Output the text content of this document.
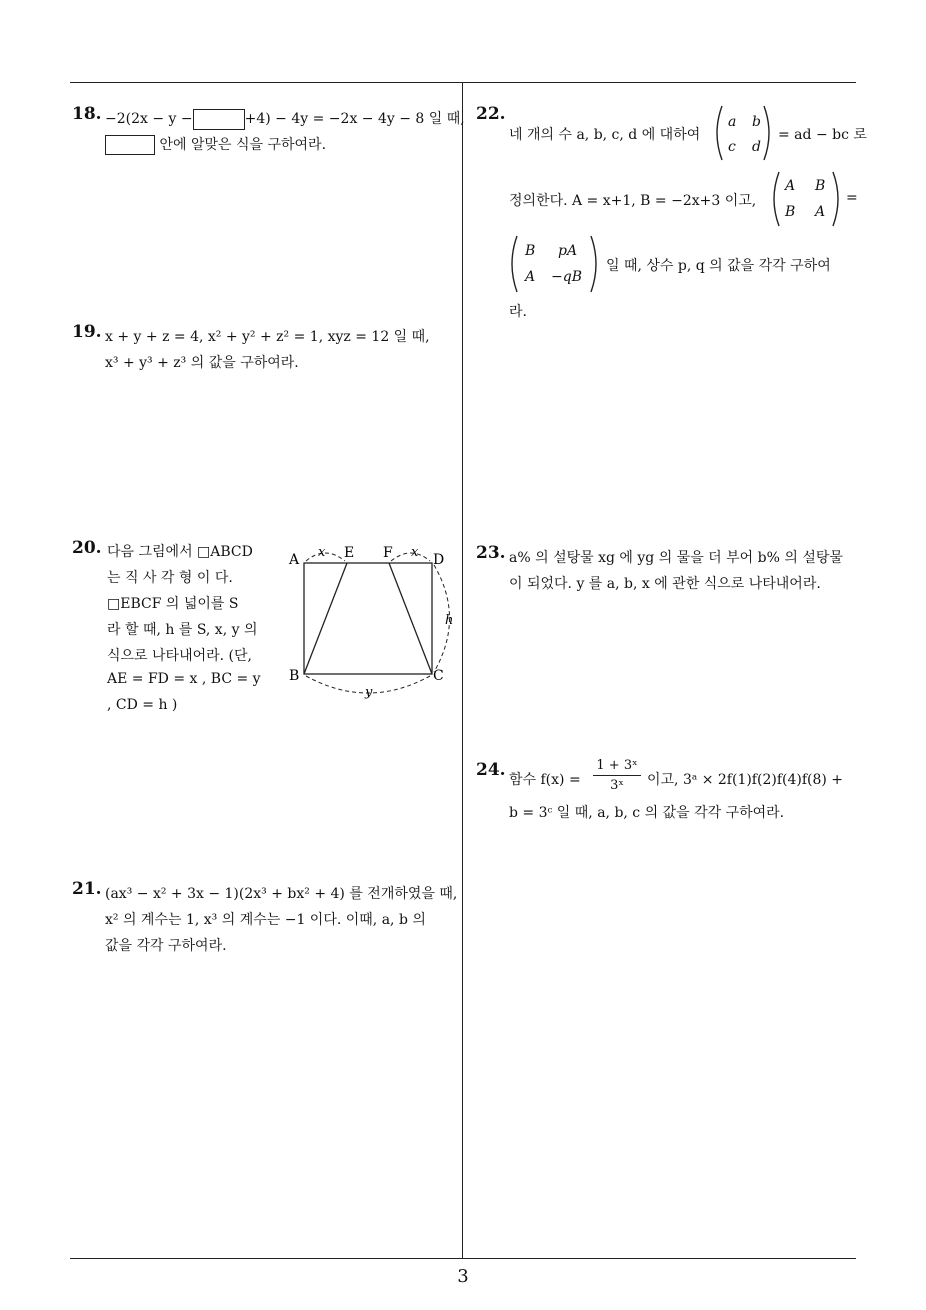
18. −2(2x − y −	+4) − 4y = −2x − 4y − 8 일 때,
안에 알맞은 식을 구하여라.
19. x + y + z = 4, x² + y² + z² = 1, xyz = 12 일 때,
x³ + y³ + z³ 의 값을 구하여라.
20. 다음 그림에서 □ABCD
는 직 사 각 형 이 다.
□EBCF 의 넓이를 S
라 할 때, h 를 S, x, y 의
식으로 나타내어라. (단,
AE = FD = x , BC = y
, CD = h )
A	E F	D
B	C
x	x
h
y
21. (ax³ − x² + 3x − 1)(2x³ + bx² + 4) 를 전개하였을 때,
x² 의 계수는 1, x³ 의 계수는 −1 이다. 이때, a, b 의
값을 각각 구하여라.
22.
네 개의 수 a, b, c, d 에 대하여
a b
c d
= ad − bc 로
정의한다. A = x+1, B = −2x+3 이고,
A B
B A
=
B pA
A −qB
일 때, 상수 p, q 의 값을 각각 구하여
라.
23. a% 의 설탕물 xg 에 yg 의 물을 더 부어 b% 의 설탕물
이 되었다. y 를 a, b, x 에 관한 식으로 나타내어라.
24. 함수 $f(x) = \frac{\text{1 + 3ˣ}}{\text{3ˣ}}$ 이고, 3ᵃ × 2f(1)f(2)f(4)f(8) +
b = 3ᶜ 일 때, a, b, c 의 값을 각각 구하여라.
3
